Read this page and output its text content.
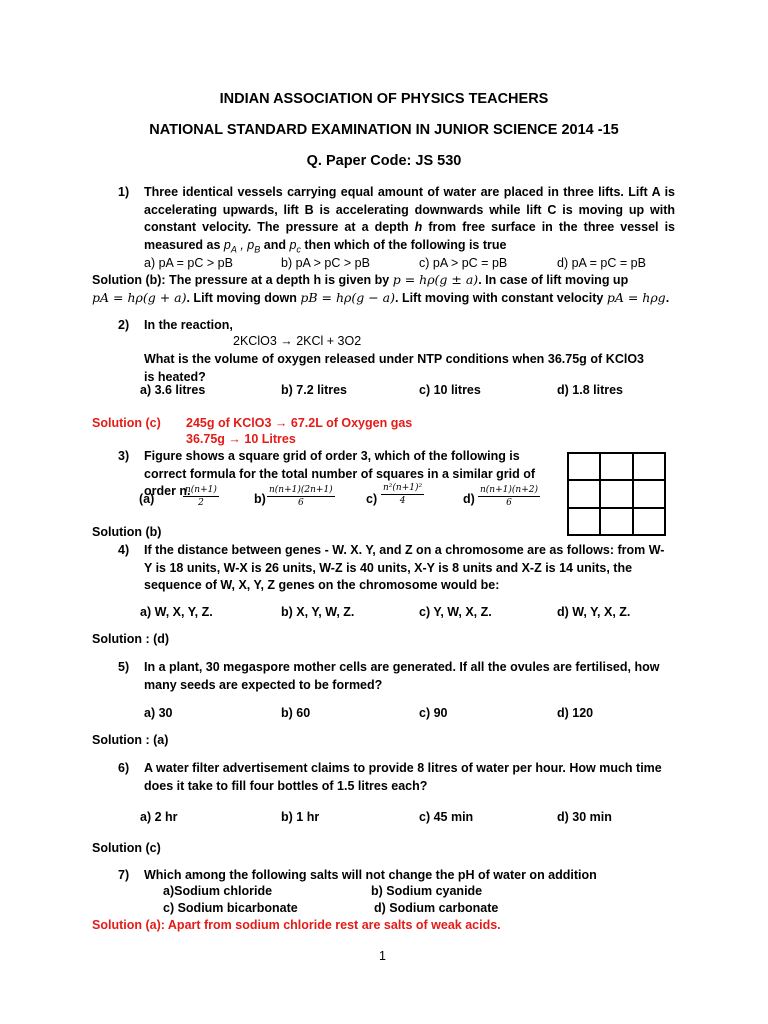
INDIAN ASSOCIATION OF PHYSICS TEACHERS
NATIONAL STANDARD EXAMINATION IN JUNIOR SCIENCE 2014 -15
Q. Paper Code: JS 530
1) Three identical vessels carrying equal amount of water are placed in three lifts. Lift A is accelerating upwards, lift B is accelerating downwards while lift C is moving up with constant velocity. The pressure at a depth h from free surface in the three vessel is measured as $p_A$ , $p_B$ and $p_c$ then which of the following is true
a) pA = pC > pB	b) pA > pC > pB	c) pA > pC = pB	d) pA = pC = pB
Solution (b): The pressure at a depth h is given by p = hρ(g ± a). In case of lift moving up
pA = hρ(g + a). Lift moving down pB = hρ(g − a). Lift moving with constant velocity pA = hρg.
2) In the reaction,
2KClO3 → 2KCl + 3O2
What is the volume of oxygen released under NTP conditions when 36.75g of KClO3 is heated?
a) 3.6 litres	b) 7.2 litres	c) 10 litres	d) 1.8 litres
Solution (c) 245g of KClO3 → 67.2L of Oxygen gas
36.75g → 10 Litres
3) Figure shows a square grid of order 3, which of the following is correct formula for the total number of squares in a similar grid of order n.
(a)	$\frac{n(n+1)}{2}$	$b) \frac{n(n+1)(2n+1)}{6}$	$c) \frac{\text{n²(n+1)²}}{4}$	$d) \frac{n(n+1)(n+2)}{6}$
Solution (b)
4) If the distance between genes - W. X. Y, and Z on a chromosome are as follows: from W-Y is 18 units, W-X is 26 units, W-Z is 40 units, X-Y is 8 units and X-Z is 14 units, the sequence of W, X, Y, Z genes on the chromosome would be:
a) W, X, Y, Z.	b) X, Y, W, Z.	c) Y, W, X, Z.	d) W, Y, X, Z.
Solution : (d)
5) In a plant, 30 megaspore mother cells are generated. If all the ovules are fertilised, how many seeds are expected to be formed?
a) 30	b) 60	c) 90	d) 120
Solution : (a)
6) A water filter advertisement claims to provide 8 litres of water per hour. How much time does it take to fill four bottles of 1.5 litres each?
a) 2 hr	b) 1 hr	c) 45 min	d) 30 min
Solution (c)
7) Which among the following salts will not change the pH of water on addition
a)Sodium chloride	b) Sodium cyanide
c) Sodium bicarbonate	d) Sodium carbonate
Solution (a): Apart from sodium chloride rest are salts of weak acids.
1
